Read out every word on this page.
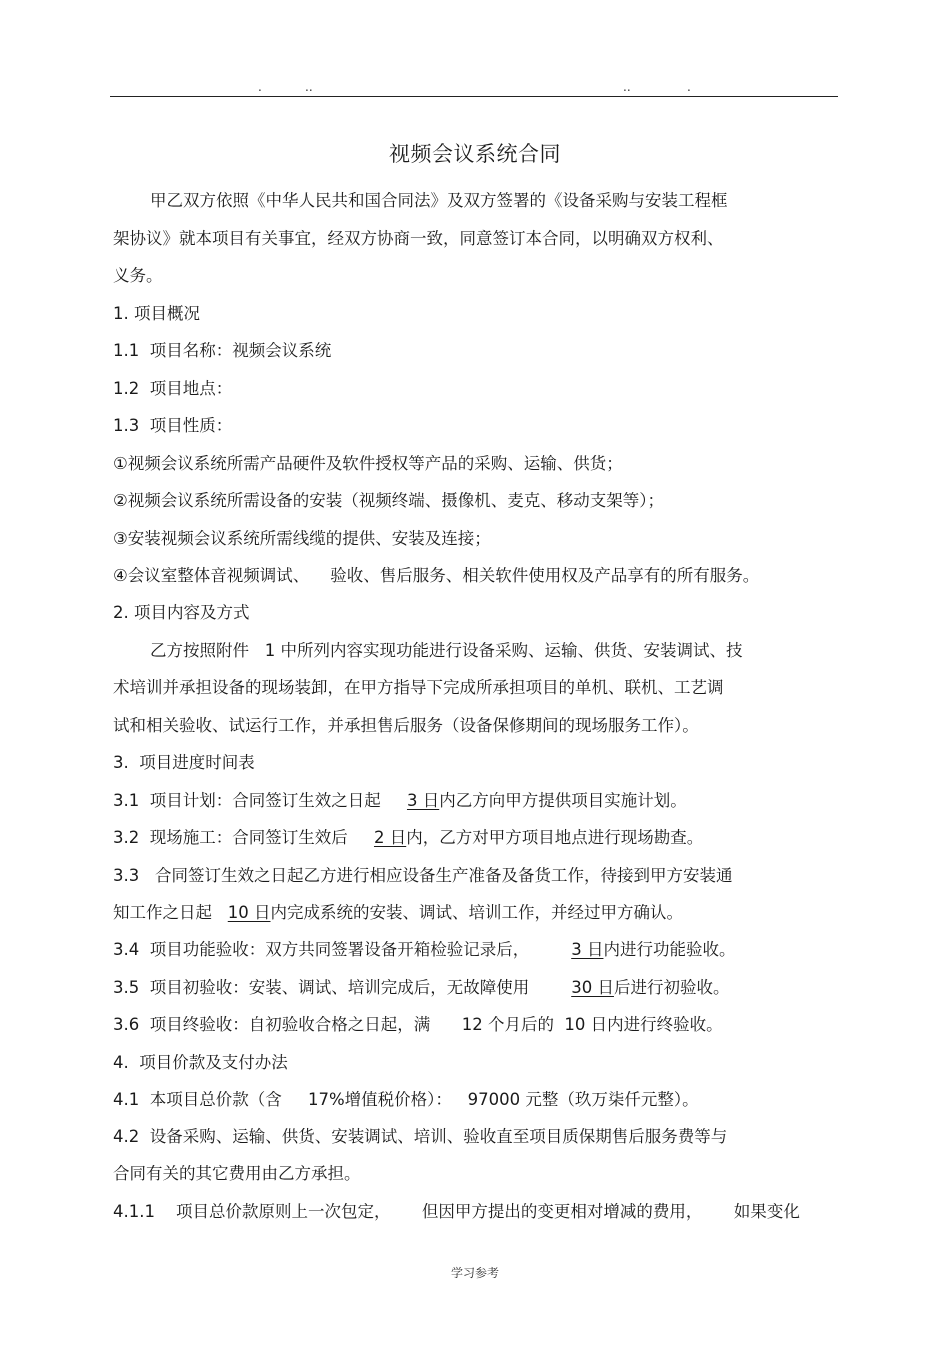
.	..	..	.
视频会议系统合同
甲乙双方依照《中华人民共和国合同法》及双方签署的《设备采购与安装工程框
架协议》就本项目有关事宜，经双方协商一致，同意签订本合同，以明确双方权利、
义务。
1. 项目概况
1.1  项目名称：视频会议系统
1.2  项目地点：
1.3  项目性质：
①视频会议系统所需产品硬件及软件授权等产品的采购、运输、供货；
②视频会议系统所需设备的安装（视频终端、摄像机、麦克、移动支架等）；
③安装视频会议系统所需线缆的提供、安装及连接；
④会议室整体音视频调试、    验收、售后服务、相关软件使用权及产品享有的所有服务。
2. 项目内容及方式
乙方按照附件   1 中所列内容实现功能进行设备采购、运输、供货、安装调试、技
术培训并承担设备的现场装卸，在甲方指导下完成所承担项目的单机、联机、工艺调
试和相关验收、试运行工作，并承担售后服务（设备保修期间的现场服务工作）。
3.  项目进度时间表
3.1  项目计划：合同签订生效之日起     3 日内乙方向甲方提供项目实施计划。
3.2  现场施工：合同签订生效后     2 日内，乙方对甲方项目地点进行现场勘查。
3.3   合同签订生效之日起乙方进行相应设备生产准备及备货工作，待接到甲方安装通
知工作之日起   10 日内完成系统的安装、调试、培训工作，并经过甲方确认。
3.4  项目功能验收：双方共同签署设备开箱检验记录后，        3 日内进行功能验收。
3.5  项目初验收：安装、调试、培训完成后，无故障使用        30 日后进行初验收。
3.6  项目终验收：自初验收合格之日起，满      12 个月后的  10 日内进行终验收。
4.  项目价款及支付办法
4.1  本项目总价款（含     17%增值税价格）：   97000 元整（玖万柒仟元整）。
4.2  设备采购、运输、供货、安装调试、培训、验收直至项目质保期售后服务费等与
合同有关的其它费用由乙方承担。
4.1.1    项目总价款原则上一次包定，      但因甲方提出的变更相对增减的费用，      如果变化
学习参考
